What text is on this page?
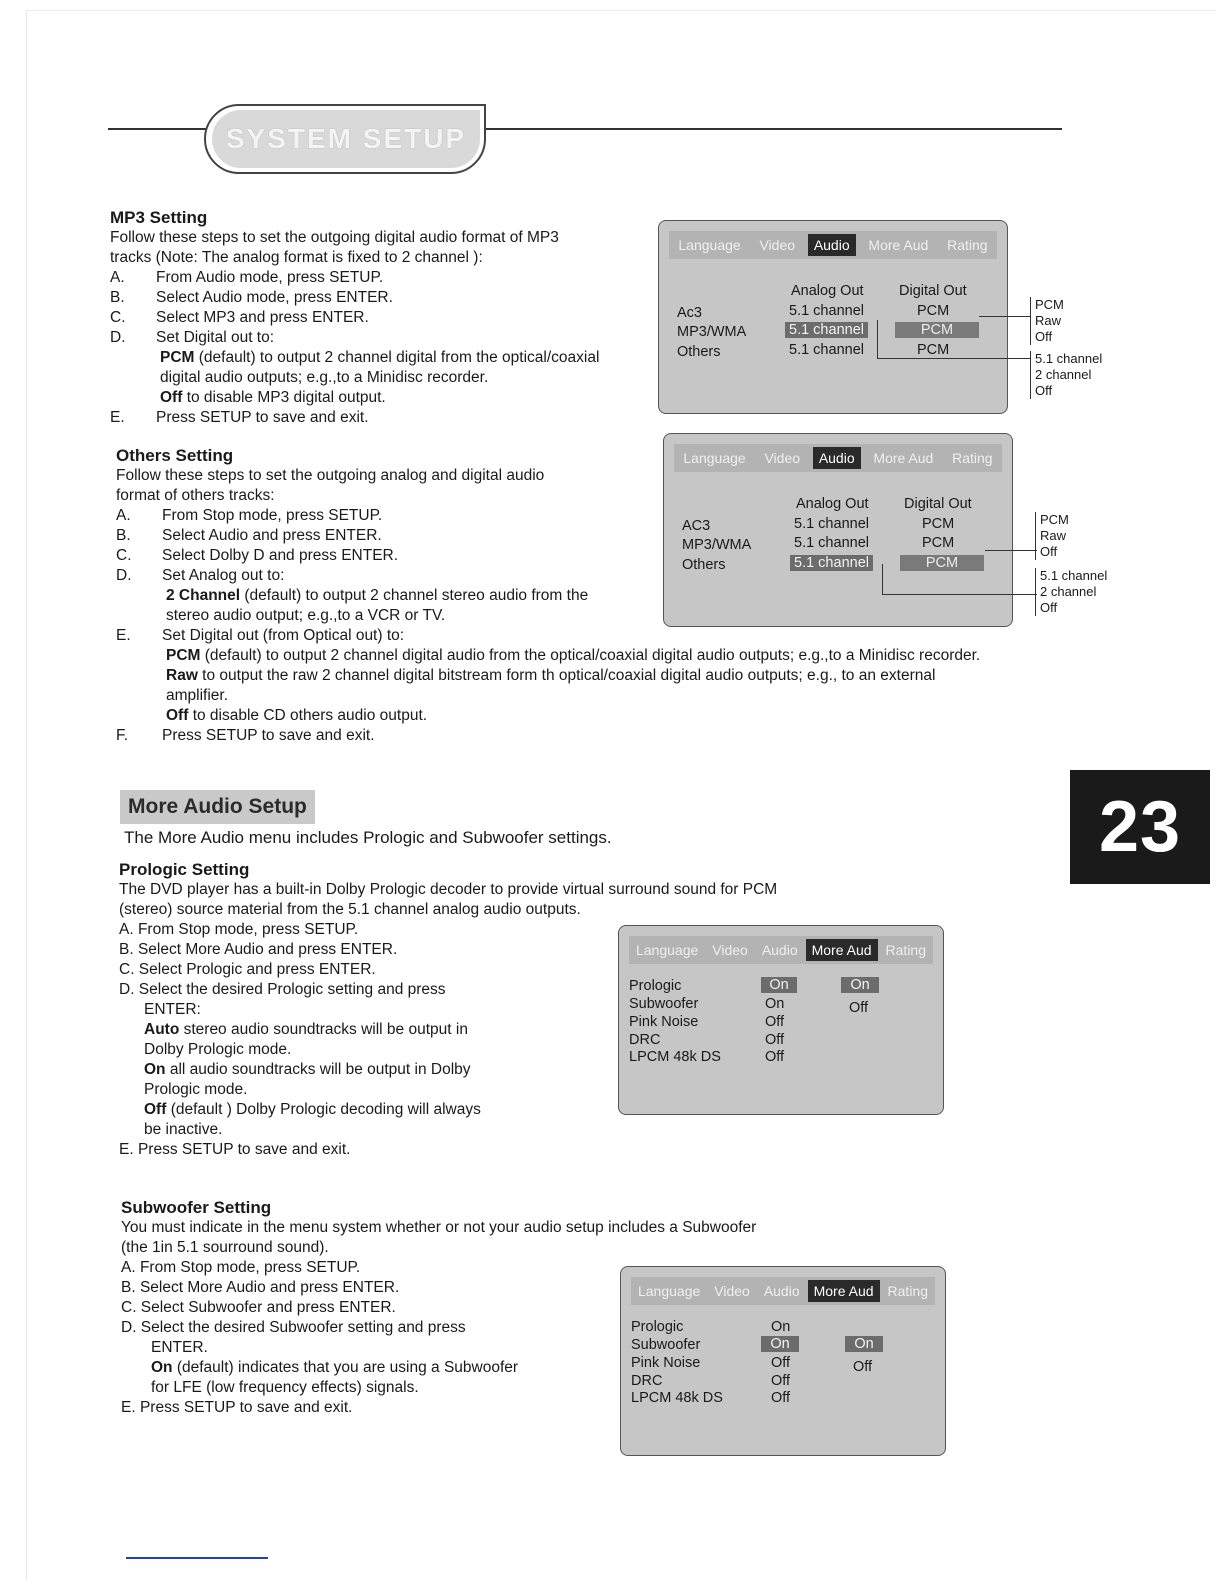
SYSTEM SETUP
MP3 Setting
Follow these steps to set the outgoing digital audio format of MP3
tracks (Note: The analog format is fixed to 2 channel ):
A.	From Audio mode, press SETUP.
B.	Select Audio mode, press ENTER.
C.	Select MP3 and press ENTER.
D.	Set Digital out to:
PCM (default) to output 2 channel digital from the optical/coaxial
digital audio outputs; e.g.,to a Minidisc recorder.
Off to disable MP3 digital output.
E.	Press SETUP to save and exit.
Others Setting
Follow these steps to set the outgoing analog and digital audio
format of others tracks:
A.	From Stop mode, press SETUP.
B.	Select Audio and press ENTER.
C.	Select Dolby D and press ENTER.
D.	Set Analog out to:
2 Channel (default) to output 2 channel stereo audio from the
stereo audio output; e.g.,to a VCR or TV.
E.	Set Digital out (from Optical out) to:
PCM (default) to output 2 channel digital audio from the optical/coaxial digital audio outputs; e.g.,to a Minidisc recorder.
Raw to output the raw 2 channel digital bitstream form th optical/coaxial digital audio outputs; e.g., to an external
amplifier.
Off to disable CD others audio output.
F.	Press SETUP to save and exit.
More Audio Setup
The More Audio menu includes Prologic and Subwoofer settings.
Prologic Setting
The DVD player has a built-in Dolby Prologic decoder to provide virtual surround sound for PCM
(stereo) source material from the 5.1 channel analog audio outputs.
A. From Stop mode, press SETUP.
B. Select More Audio and press ENTER.
C. Select Prologic and press ENTER.
D. Select the desired Prologic setting and press
ENTER:
Auto stereo audio soundtracks will be output in
Dolby Prologic mode.
On all audio soundtracks will be output in Dolby
Prologic mode.
Off (default ) Dolby Prologic decoding will always
be inactive.
E. Press SETUP to save and exit.
Subwoofer Setting
You must indicate in the menu system whether or not your audio setup includes a Subwoofer
(the 1in 5.1 sourround sound).
A. From Stop mode, press SETUP.
B. Select More Audio and press ENTER.
C. Select Subwoofer and press ENTER.
D. Select the desired Subwoofer setting and press
ENTER.
On (default) indicates that you are using a Subwoofer
for LFE (low frequency effects) signals.
E. Press SETUP to save and exit.
23
Language	Video	Audio	More Aud	Rating
Analog Out Digital Out
Ac3	5.1 channel	PCM
MP3/WMA	5.1 channel	PCM
Others	5.1 channel	PCM
PCM
Raw
Off
5.1 channel
2 channel
Off
Language	Video	Audio	More Aud	Rating
Analog Out Digital Out
AC3	5.1 channel	PCM
MP3/WMA	5.1 channel	PCM
Others	5.1 channel	PCM
PCM
Raw
Off
5.1 channel
2 channel
Off
Language Video Audio More Aud Rating
Prologic	On
Subwoofer	On
Pink Noise	Off
DRC	Off
LPCM 48k DS	Off
On
Off
Language Video Audio More Aud Rating
Prologic	On
Subwoofer	On
Pink Noise	Off
DRC	Off
LPCM 48k DS	Off
On
Off
